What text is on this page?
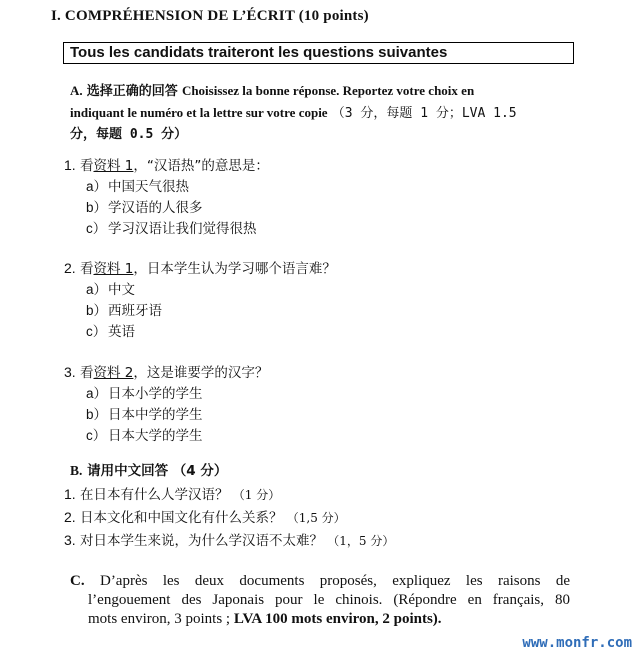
I. COMPRÉHENSION DE L’ÉCRIT (10 points)
Tous les candidats traiteront les questions suivantes
A. 选择正确的回答 Choisissez la bonne réponse. Reportez votre choix en
indiquant le numéro et la lettre sur votre copie （3 分，每题 1 分；LVA 1.5
分，每题 0.5 分）
1. 看资料 1，“汉语热”的意思是：
a）中国天气很热
b）学汉语的人很多
c） 学习汉语让我们觉得很热
2. 看资料 1，日本学生认为学习哪个语言难？
a）中文
b）西班牙语
c） 英语
3. 看资料 2，这是谁要学的汉字？
a）日本小学的学生
b）日本中学的学生
c） 日本大学的学生
B. 请用中文回答 （4 分）
1. 在日本有什么人学汉语？ （1 分）
2. 日本文化和中国文化有什么关系？ （1,5 分）
3. 对日本学生来说，为什么学汉语不太难？ （1，5 分）
C. D’après les deux documents proposés, expliquez les raisons de
l’engouement des Japonais pour le chinois. (Répondre en français, 80
mots environ, 3 points ; LVA 100 mots environ, 2 points).
www.monfr.com
